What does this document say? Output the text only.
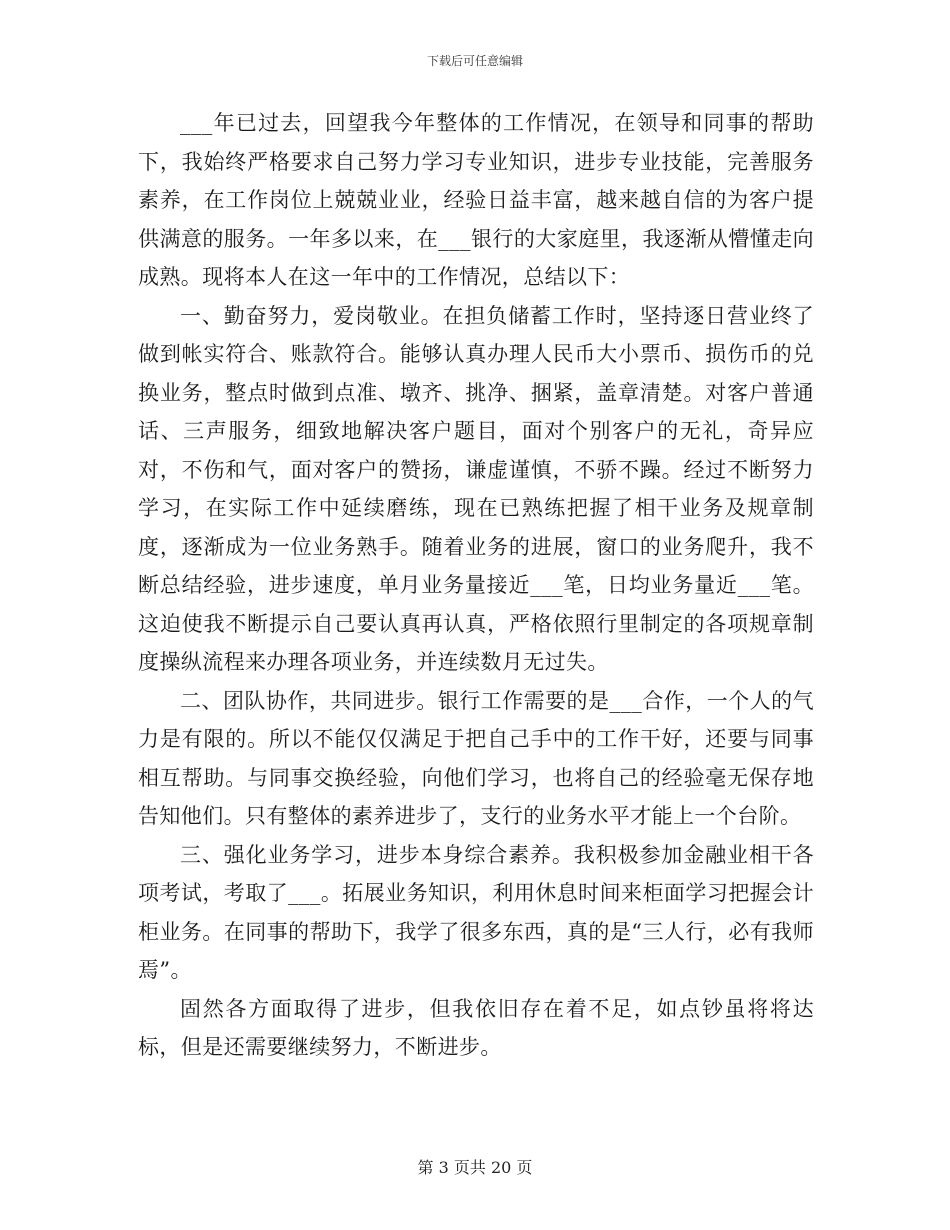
下载后可任意编辑

___年已过去，回望我今年整体的工作情况，在领导和同事的帮助下，我始终严格要求自己努力学习专业知识，进步专业技能，完善服务素养，在工作岗位上兢兢业业，经验日益丰富，越来越自信的为客户提供满意的服务。一年多以来，在___银行的大家庭里，我逐渐从懵懂走向成熟。现将本人在这一年中的工作情况，总结以下：

一、勤奋努力，爱岗敬业。在担负储蓄工作时，坚持逐日营业终了做到帐实符合、账款符合。能够认真办理人民币大小票币、损伤币的兑换业务，整点时做到点准、墩齐、挑净、捆紧，盖章清楚。对客户普通话、三声服务，细致地解决客户题目，面对个别客户的无礼，奇异应对，不伤和气，面对客户的赞扬，谦虚谨慎，不骄不躁。经过不断努力学习，在实际工作中延续磨练，现在已熟练把握了相干业务及规章制度，逐渐成为一位业务熟手。随着业务的进展，窗口的业务爬升，我不断总结经验，进步速度，单月业务量接近___笔，日均业务量近___笔。这迫使我不断提示自己要认真再认真，严格依照行里制定的各项规章制度操纵流程来办理各项业务，并连续数月无过失。

二、团队协作，共同进步。银行工作需要的是___合作，一个人的气力是有限的。所以不能仅仅满足于把自己手中的工作干好，还要与同事相互帮助。与同事交换经验，向他们学习，也将自己的经验毫无保存地告知他们。只有整体的素养进步了，支行的业务水平才能上一个台阶。

三、强化业务学习，进步本身综合素养。我积极参加金融业相干各项考试，考取了___。拓展业务知识，利用休息时间来柜面学习把握会计柜业务。在同事的帮助下，我学了很多东西，真的是“三人行，必有我师焉”。

固然各方面取得了进步，但我依旧存在着不足，如点钞虽将将达标，但是还需要继续努力，不断进步。

第 3 页共 20 页
